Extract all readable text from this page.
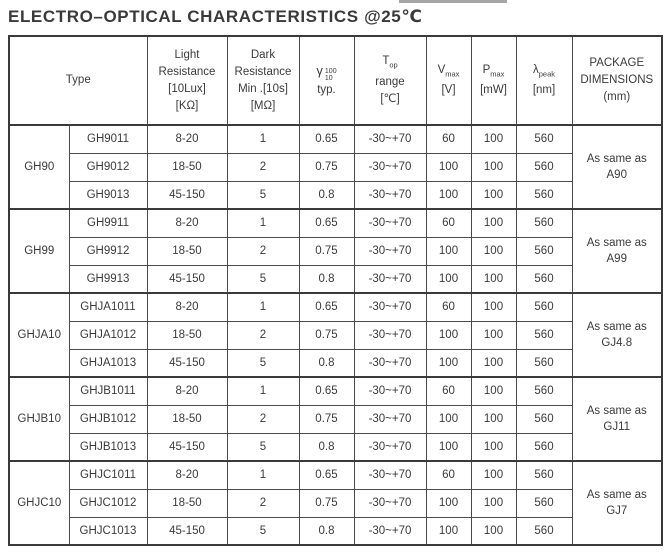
ELECTRO–OPTICAL CHARACTERISTICS @25℃
Type	
Light
Resistance
[10Lux]
[KΩ]

Dark
Resistance
Min .[10s]
[MΩ]

γ 100
10
typ.

$T_{op}$
range
[℃]

$V_{max}$
[V]

$P_{max}$
[mW]

$\lambda_{peak}$
[nm]

PACKAGE
DIMENSIONS
(mm)

GH90	GH9011	8-20	1	0.65	-30~+70	60	100	560	As same as
A90

	GH9012	18-50	2	0.75	-30~+70	100	100	560	
	GH9013	45-150	5	0.8	-30~+70	100	100	560	
GH99	GH9911	8-20	1	0.65	-30~+70	60	100	560	As same as
A99

	GH9912	18-50	2	0.75	-30~+70	100	100	560	
	GH9913	45-150	5	0.8	-30~+70	100	100	560	
GHJA10	GHJA1011	8-20	1	0.65	-30~+70	60	100	560	As same as
GJ4.8

	GHJA1012	18-50	2	0.75	-30~+70	100	100	560	
	GHJA1013	45-150	5	0.8	-30~+70	100	100	560	
GHJB10	GHJB1011	8-20	1	0.65	-30~+70	60	100	560	As same as
GJ11

	GHJB1012	18-50	2	0.75	-30~+70	100	100	560	
	GHJB1013	45-150	5	0.8	-30~+70	100	100	560	
GHJC10	GHJC1011	8-20	1	0.65	-30~+70	60	100	560	As same as
GJ7

	GHJC1012	18-50	2	0.75	-30~+70	100	100	560	
	GHJC1013	45-150	5	0.8	-30~+70	100	100	560	
